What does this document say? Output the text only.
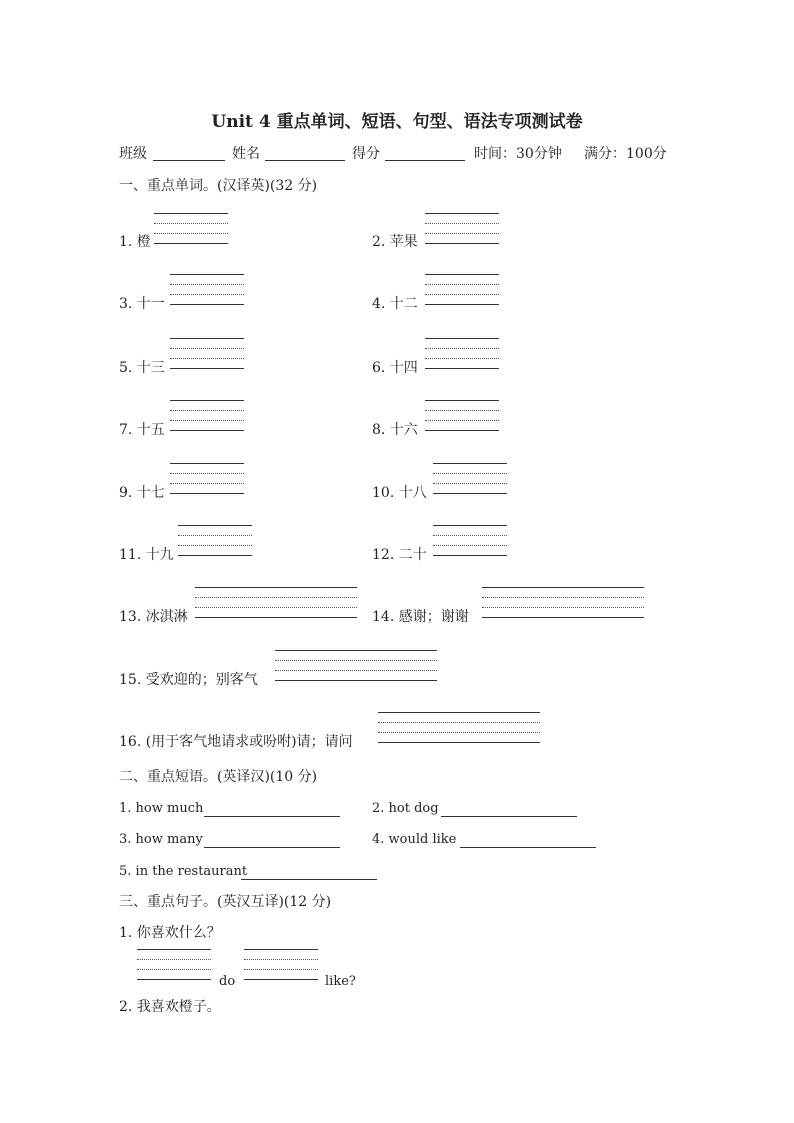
Unit 4 重点单词、短语、句型、语法专项测试卷
班级	姓名	得分	时间：30分钟 满分：100分
一、重点单词。(汉译英)(32 分)
1. 橙	2. 苹果
3. 十一	4. 十二
5. 十三	6. 十四
7. 十五	8. 十六
9. 十七	10. 十八
11. 十九	12. 二十
13. 冰淇淋	14. 感谢；谢谢
15. 受欢迎的；别客气
16. (用于客气地请求或吩咐)请；请问
二、重点短语。(英译汉)(10 分)
1. how much	2. hot dog
3. how many	4. would like
5. in the restaurant
三、重点句子。(英汉互译)(12 分)
1. 你喜欢什么？
do	like?
2. 我喜欢橙子。
